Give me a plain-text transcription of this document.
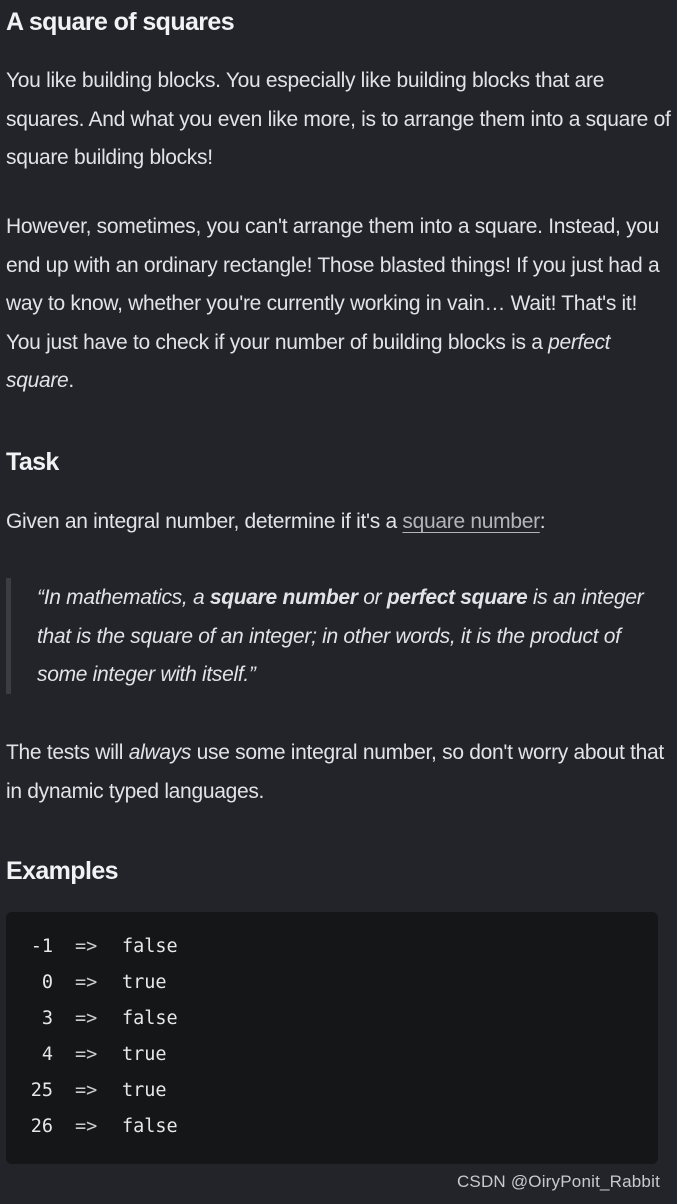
A square of squares

You like building blocks. You especially like building blocks that are squares. And what you even like more, is to arrange them into a square of square building blocks!

However, sometimes, you can't arrange them into a square. Instead, you end up with an ordinary rectangle! Those blasted things! If you just had a way to know, whether you're currently working in vain… Wait! That's it! You just have to check if your number of building blocks is a perfect square.

Task

Given an integral number, determine if it's a square number:

“In mathematics, a square number or perfect square is an integer that is the square of an integer; in other words, it is the product of some integer with itself.”

The tests will always use some integral number, so don't worry about that in dynamic typed languages.

Examples
-1 => false
0 => true
3 => false
4 => true
25 => true
26 => false
CSDN @OiryPonit_Rabbit
